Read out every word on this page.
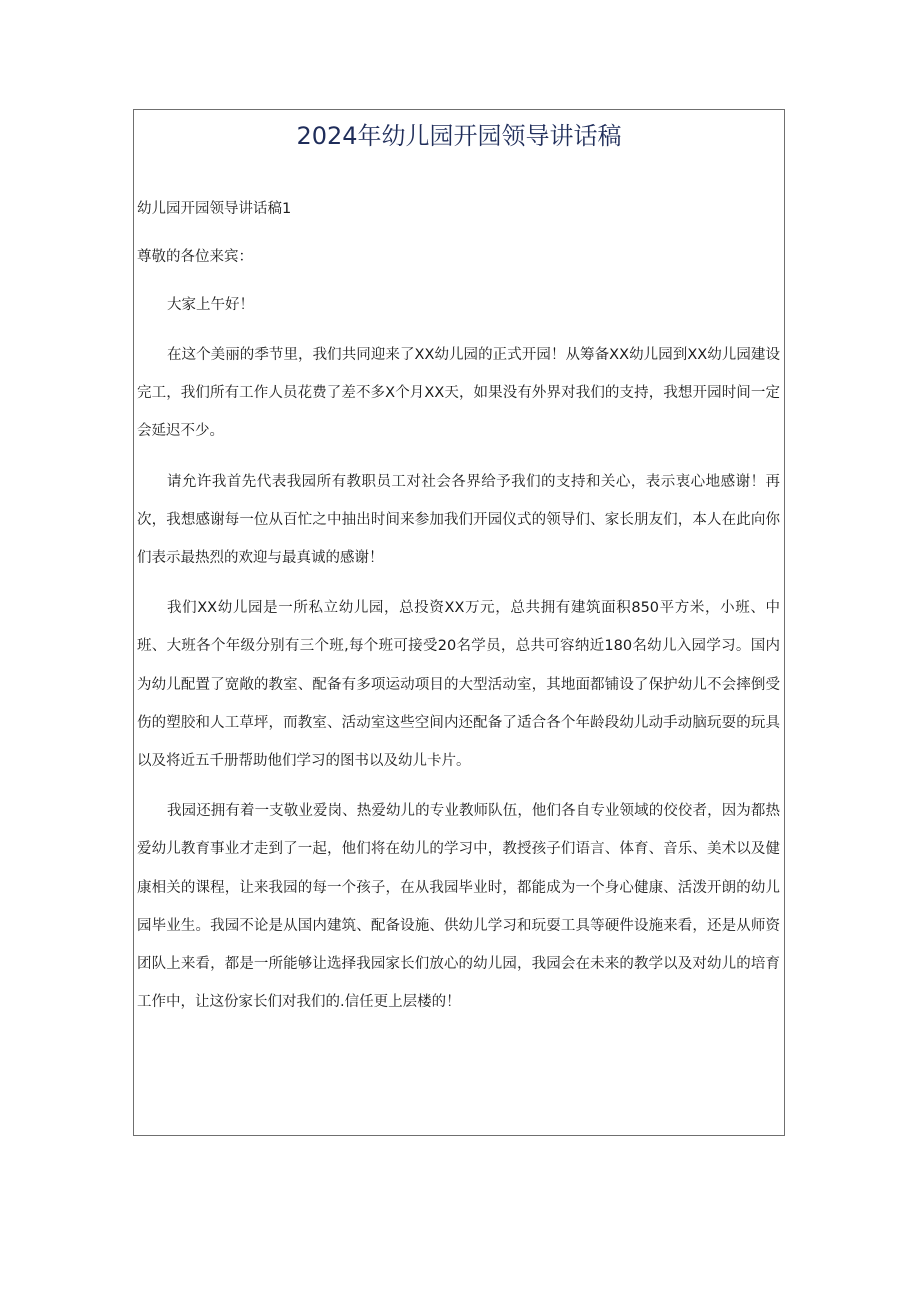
2024年幼儿园开园领导讲话稿

幼儿园开园领导讲话稿1

尊敬的各位来宾：

大家上午好！

在这个美丽的季节里，我们共同迎来了XX幼儿园的正式开园！从筹备XX幼儿园到XX幼儿园建设完工，我们所有工作人员花费了差不多X个月XX天，如果没有外界对我们的支持，我想开园时间一定会延迟不少。

请允许我首先代表我园所有教职员工对社会各界给予我们的支持和关心，表示衷心地感谢！再次，我想感谢每一位从百忙之中抽出时间来参加我们开园仪式的领导们、家长朋友们，本人在此向你们表示最热烈的欢迎与最真诚的感谢！

我们XX幼儿园是一所私立幼儿园，总投资XX万元，总共拥有建筑面积850平方米，小班、中班、大班各个年级分别有三个班,每个班可接受20名学员，总共可容纳近180名幼儿入园学习。国内为幼儿配置了宽敞的教室、配备有多项运动项目的大型活动室，其地面都铺设了保护幼儿不会摔倒受伤的塑胶和人工草坪，而教室、活动室这些空间内还配备了适合各个年龄段幼儿动手动脑玩耍的玩具以及将近五千册帮助他们学习的图书以及幼儿卡片。

我园还拥有着一支敬业爱岗、热爱幼儿的专业教师队伍，他们各自专业领域的佼佼者，因为都热爱幼儿教育事业才走到了一起，他们将在幼儿的学习中，教授孩子们语言、体育、音乐、美术以及健康相关的课程，让来我园的每一个孩子，在从我园毕业时，都能成为一个身心健康、活泼开朗的幼儿园毕业生。我园不论是从国内建筑、配备设施、供幼儿学习和玩耍工具等硬件设施来看，还是从师资团队上来看，都是一所能够让选择我园家长们放心的幼儿园，我园会在未来的教学以及对幼儿的培育工作中，让这份家长们对我们的.信任更上层楼的！
